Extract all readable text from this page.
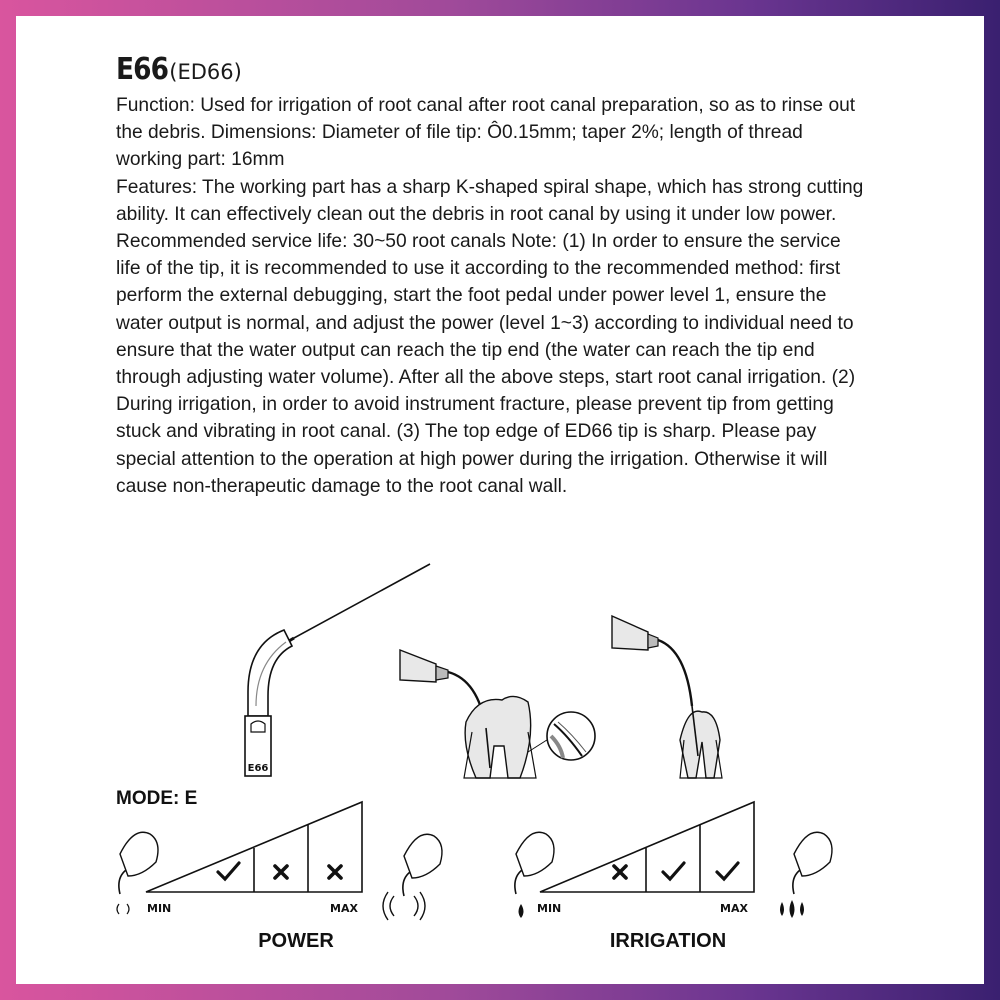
E66(ED66)

Function: Used for irrigation of root canal after root canal preparation, so as to rinse out the debris. Dimensions: Diameter of file tip: Ô0.15mm; taper 2%; length of thread working part: 16mm

Features: The working part has a sharp K-shaped spiral shape, which has strong cutting ability. It can effectively clean out the debris in root canal by using it under low power. Recommended service life: 30~50 root canals Note: (1) In order to ensure the service life of the tip, it is recommended to use it according to the recommended method: first perform the external debugging, start the foot pedal under power level 1, ensure the water output is normal, and adjust the power (level 1~3) according to individual need to ensure that the water output can reach the tip end (the water can reach the tip end through adjusting water volume). After all the above steps, start root canal irrigation. (2) During irrigation, in order to avoid instrument fracture, please prevent tip from getting stuck and vibrating in root canal. (3) The top edge of ED66 tip is sharp. Please pay special attention to the operation at high power during the irrigation. Otherwise it will cause non-therapeutic damage to the root canal wall.

E66
MODE: E
MIN	MAX	MIN	MAX
POWER	IRRIGATION
